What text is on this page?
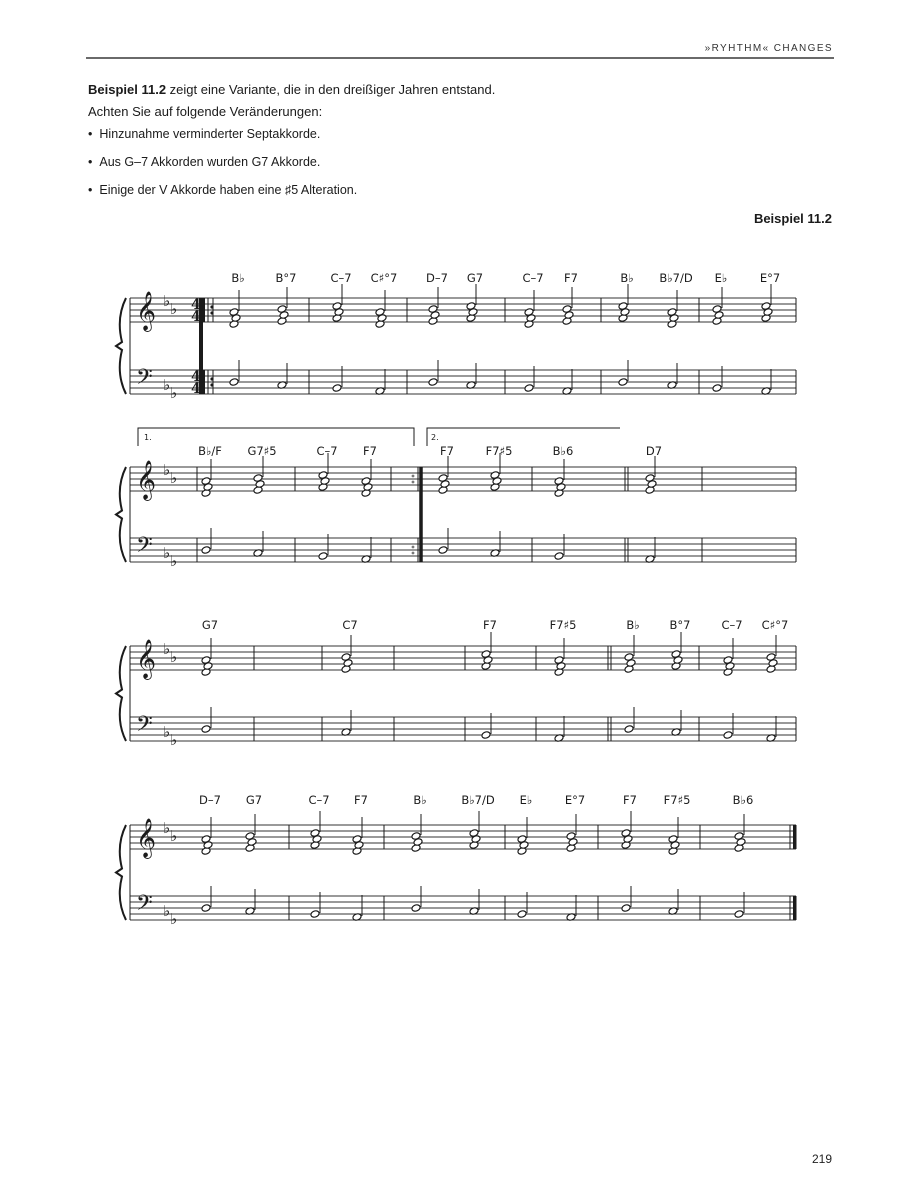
»RYHTHM« CHANGES
Beispiel 11.2 zeigt eine Variante, die in den dreißiger Jahren entstand. Achten Sie auf folgende Veränderungen:
• Hinzunahme verminderter Septakkorde.
• Aus G–7 Akkorden wurden G7 Akkorde.
• Einige der V Akkorde haben eine ♯5 Alteration.
Beispiel 11.2
𝄞
𝄢
♭ ♭
♭ ♭
4
4
4
4
B♭	B°7	C–7 C♯°7 D–7 G7	C–7 F7	B♭ B♭7/D E♭	E°7
𝄞
𝄢
♭ ♭
♭ ♭
1.	2.
B♭/F G7♯5	C–7 F7	F7	F7♯5	B♭6	D7
𝄞
𝄢
♭ ♭
♭ ♭
G7	C7	F7	F7♯5	B♭	B°7	C–7 C♯°7
𝄞
𝄢
♭ ♭
♭ ♭
D–7 G7	C–7 F7	B♭	B♭7/D E♭	E°7	F7 F7♯5	B♭6
219
